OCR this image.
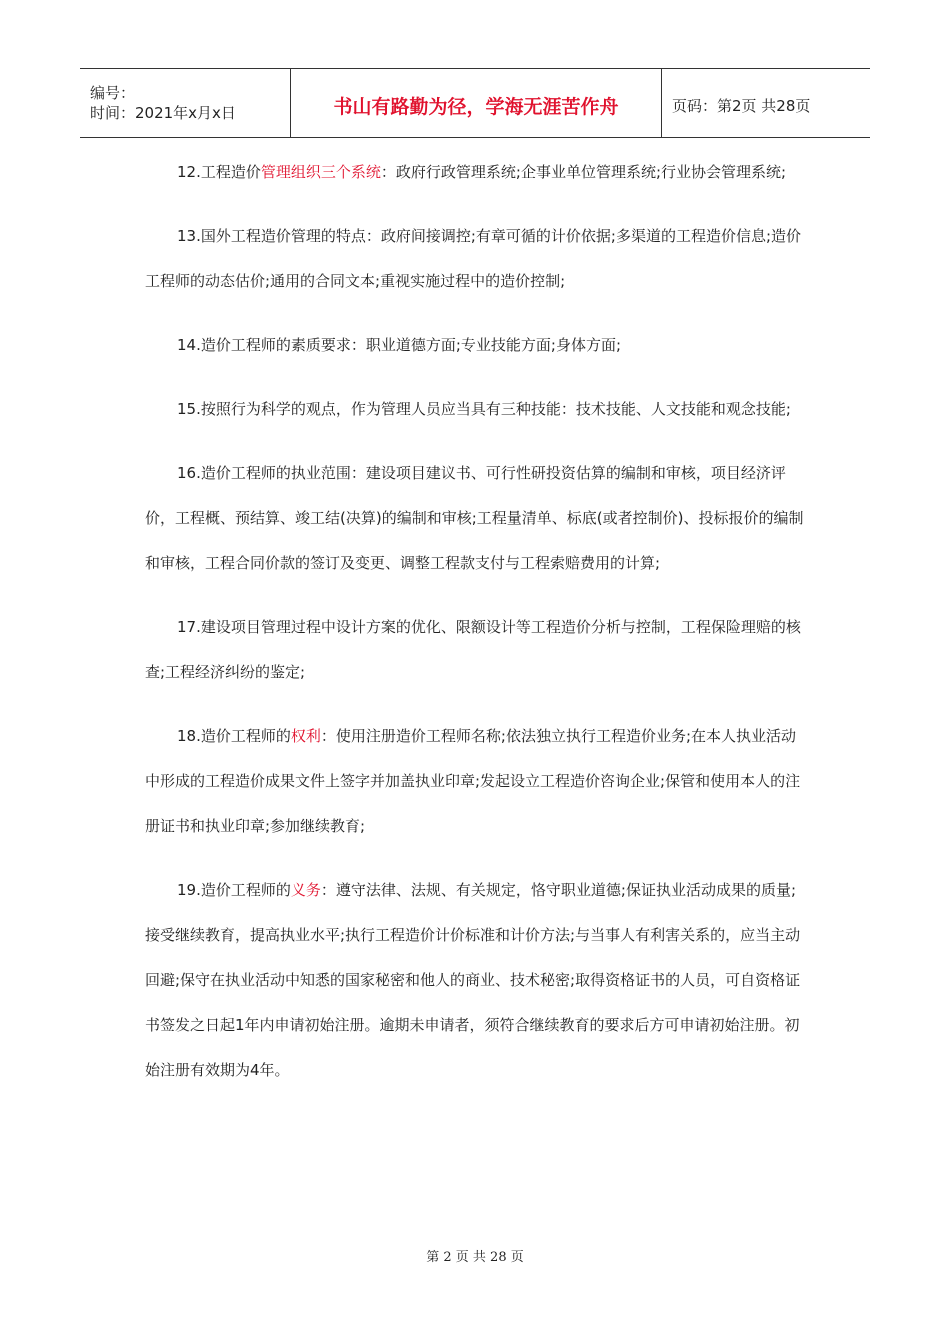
编号：
时间：2021年x月x日	书山有路勤为径，学海无涯苦作舟	页码：第2页 共28页
12.工程造价管理组织三个系统：政府行政管理系统;企事业单位管理系统;行业协会管理系统;
13.国外工程造价管理的特点：政府间接调控;有章可循的计价依据;多渠道的工程造价信息;造价工程师的动态估价;通用的合同文本;重视实施过程中的造价控制;
14.造价工程师的素质要求：职业道德方面;专业技能方面;身体方面;
15.按照行为科学的观点，作为管理人员应当具有三种技能：技术技能、人文技能和观念技能;
16.造价工程师的执业范围：建设项目建议书、可行性研投资估算的编制和审核，项目经济评价，工程概、预结算、竣工结(决算)的编制和审核;工程量清单、标底(或者控制价)、投标报价的编制和审核，工程合同价款的签订及变更、调整工程款支付与工程索赔费用的计算;
17.建设项目管理过程中设计方案的优化、限额设计等工程造价分析与控制，工程保险理赔的核查;工程经济纠纷的鉴定;
18.造价工程师的权利：使用注册造价工程师名称;依法独立执行工程造价业务;在本人执业活动中形成的工程造价成果文件上签字并加盖执业印章;发起设立工程造价咨询企业;保管和使用本人的注册证书和执业印章;参加继续教育;
19.造价工程师的义务：遵守法律、法规、有关规定，恪守职业道德;保证执业活动成果的质量;接受继续教育，提高执业水平;执行工程造价计价标准和计价方法;与当事人有利害关系的，应当主动回避;保守在执业活动中知悉的国家秘密和他人的商业、技术秘密;取得资格证书的人员，可自资格证书签发之日起1年内申请初始注册。逾期未申请者，须符合继续教育的要求后方可申请初始注册。初始注册有效期为4年。
第 2 页 共 28 页
